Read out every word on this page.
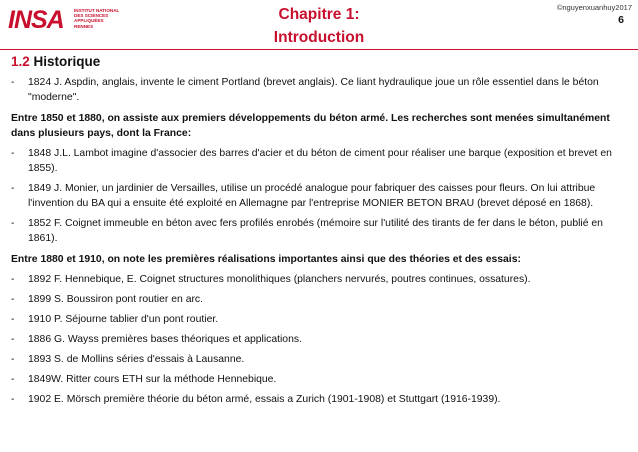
INSA INSTITUT NATIONAL
DES SCIENCES
APPLIQUÉES
RENNES
Chapitre 1:
Introduction
©nguyenxuanhuy2017
6
1.2 Historique
- 1824 J. Aspdin, anglais, invente le ciment Portland (brevet anglais). Ce liant hydraulique joue un rôle essentiel dans le béton "moderne".
Entre 1850 et 1880, on assiste aux premiers développements du béton armé. Les recherches sont menées simultanément dans plusieurs pays, dont la France:
- 1848 J.L. Lambot imagine d'associer des barres d'acier et du béton de ciment pour réaliser une barque (exposition et brevet en 1855).
- 1849 J. Monier, un jardinier de Versailles, utilise un procédé analogue pour fabriquer des caisses pour fleurs. On lui attribue l'invention du BA qui a ensuite été exploité en Allemagne par l'entreprise MONIER BETON BRAU (brevet déposé en 1868).
- 1852 F. Coignet immeuble en béton avec fers profilés enrobés (mémoire sur l'utilité des tirants de fer dans le béton, publié en 1861).
Entre 1880 et 1910, on note les premières réalisations importantes ainsi que des théories et des essais:
- 1892 F. Hennebique, E. Coignet structures monolithiques (planchers nervurés, poutres continues, ossatures).
- 1899 S. Boussiron pont routier en arc.
- 1910 P. Séjourne tablier d'un pont routier.
- 1886 G. Wayss premières bases théoriques et applications.
- 1893 S. de Mollins séries d'essais à Lausanne.
- 1849W. Ritter cours ETH sur la méthode Hennebique.
- 1902 E. Mörsch première théorie du béton armé, essais a Zurich (1901-1908) et Stuttgart (1916-1939).
